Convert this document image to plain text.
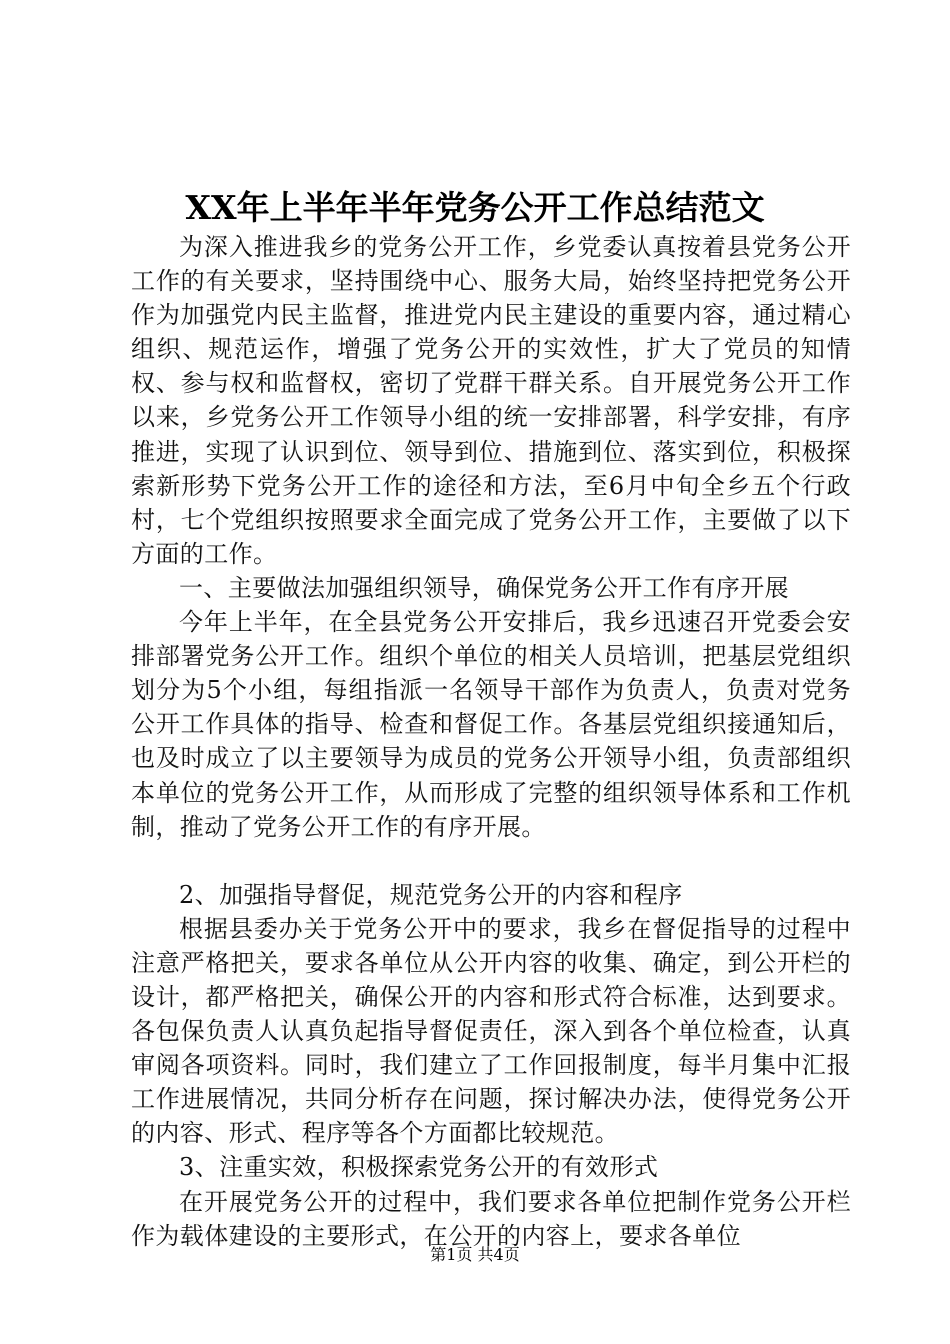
XX年上半年半年党务公开工作总结范文

为深入推进我乡的党务公开工作，乡党委认真按着县党务公开工作的有关要求，坚持围绕中心、服务大局，始终坚持把党务公开作为加强党内民主监督，推进党内民主建设的重要内容，通过精心组织、规范运作，增强了党务公开的实效性，扩大了党员的知情权、参与权和监督权，密切了党群干群关系。自开展党务公开工作以来，乡党务公开工作领导小组的统一安排部署，科学安排，有序推进，实现了认识到位、领导到位、措施到位、落实到位，积极探索新形势下党务公开工作的途径和方法，至6月中旬全乡五个行政村，七个党组织按照要求全面完成了党务公开工作，主要做了以下方面的工作。

一、主要做法加强组织领导，确保党务公开工作有序开展

今年上半年，在全县党务公开安排后，我乡迅速召开党委会安排部署党务公开工作。组织个单位的相关人员培训，把基层党组织划分为5个小组，每组指派一名领导干部作为负责人，负责对党务公开工作具体的指导、检查和督促工作。各基层党组织接通知后，也及时成立了以主要领导为成员的党务公开领导小组，负责部组织本单位的党务公开工作，从而形成了完整的组织领导体系和工作机制，推动了党务公开工作的有序开展。

2、加强指导督促，规范党务公开的内容和程序

根据县委办关于党务公开中的要求，我乡在督促指导的过程中注意严格把关，要求各单位从公开内容的收集、确定，到公开栏的设计，都严格把关，确保公开的内容和形式符合标准，达到要求。各包保负责人认真负起指导督促责任，深入到各个单位检查，认真审阅各项资料。同时，我们建立了工作回报制度，每半月集中汇报工作进展情况，共同分析存在问题，探讨解决办法，使得党务公开的内容、形式、程序等各个方面都比较规范。

3、注重实效，积极探索党务公开的有效形式

在开展党务公开的过程中，我们要求各单位把制作党务公开栏作为载体建设的主要形式，在公开的内容上，要求各单位

第1页 共4页
